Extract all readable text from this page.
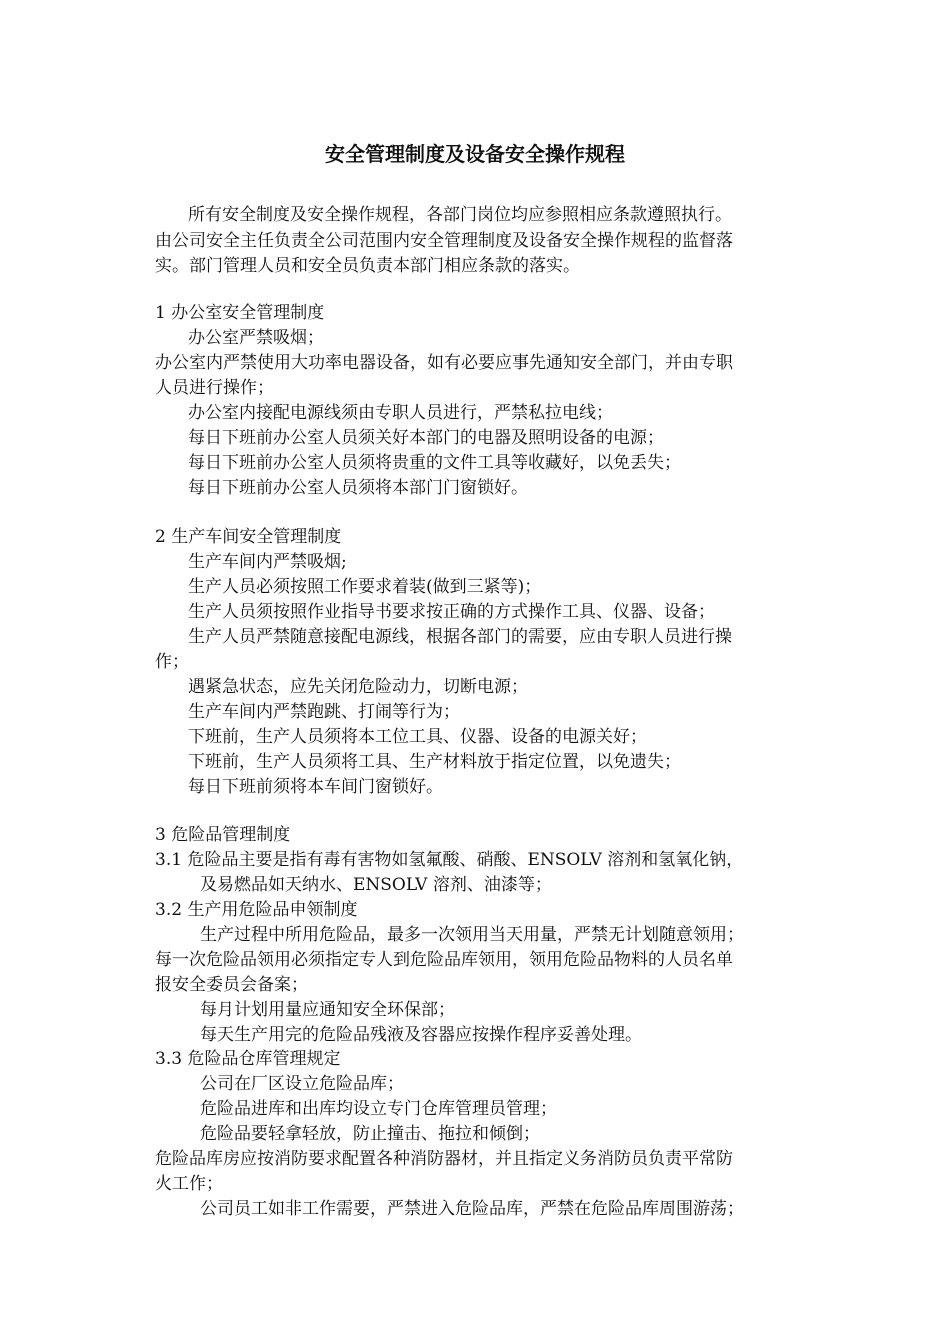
安全管理制度及设备安全操作规程
所有安全制度及安全操作规程，各部门岗位均应参照相应条款遵照执行。
由公司安全主任负责全公司范围内安全管理制度及设备安全操作规程的监督落
实。部门管理人员和安全员负责本部门相应条款的落实。
1 办公室安全管理制度
办公室严禁吸烟；
办公室内严禁使用大功率电器设备，如有必要应事先通知安全部门，并由专职
人员进行操作；
办公室内接配电源线须由专职人员进行，严禁私拉电线；
每日下班前办公室人员须关好本部门的电器及照明设备的电源；
每日下班前办公室人员须将贵重的文件工具等收藏好，以免丢失；
每日下班前办公室人员须将本部门门窗锁好。
2 生产车间安全管理制度
生产车间内严禁吸烟;
生产人员必须按照工作要求着装(做到三紧等)；
生产人员须按照作业指导书要求按正确的方式操作工具、仪器、设备；
生产人员严禁随意接配电源线，根据各部门的需要，应由专职人员进行操
作；
遇紧急状态，应先关闭危险动力，切断电源；
生产车间内严禁跑跳、打闹等行为；
下班前，生产人员须将本工位工具、仪器、设备的电源关好；
下班前，生产人员须将工具、生产材料放于指定位置，以免遗失；
每日下班前须将本车间门窗锁好。
3 危险品管理制度
3.1 危险品主要是指有毒有害物如氢氟酸、硝酸、ENSOLV 溶剂和氢氧化钠，
及易燃品如天纳水、ENSOLV 溶剂、油漆等；
3.2 生产用危险品申领制度
生产过程中所用危险品，最多一次领用当天用量，严禁无计划随意领用；
每一次危险品领用必须指定专人到危险品库领用，领用危险品物料的人员名单
报安全委员会备案；
每月计划用量应通知安全环保部；
每天生产用完的危险品残液及容器应按操作程序妥善处理。
3.3 危险品仓库管理规定
公司在厂区设立危险品库；
危险品进库和出库均设立专门仓库管理员管理；
危险品要轻拿轻放，防止撞击、拖拉和倾倒；
危险品库房应按消防要求配置各种消防器材，并且指定义务消防员负责平常防
火工作；
公司员工如非工作需要，严禁进入危险品库，严禁在危险品库周围游荡；
